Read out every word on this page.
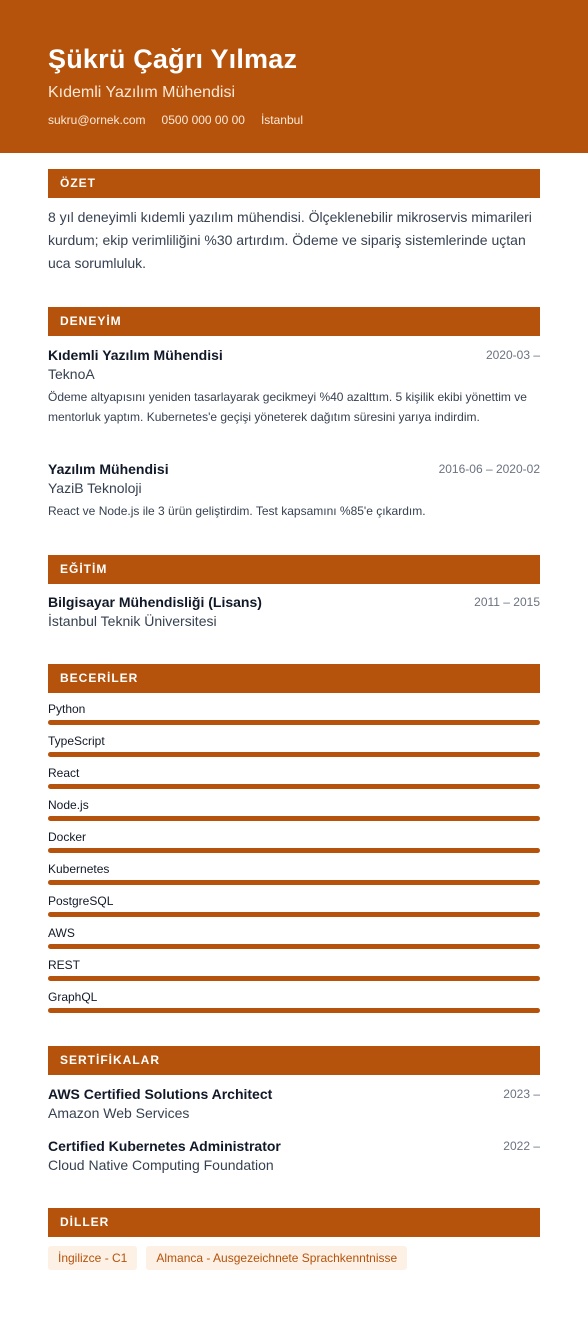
Şükrü Çağrı Yılmaz
Kıdemli Yazılım Mühendisi
sukru@ornek.com 0500 000 00 00 İstanbul
ÖZET
8 yıl deneyimli kıdemli yazılım mühendisi. Ölçeklenebilir mikroservis mimarileri kurdum; ekip verimliliğini %30 artırdım. Ödeme ve sipariş sistemlerinde uçtan uca sorumluluk.
DENEYİM
Kıdemli Yazılım Mühendisi	2020-03 –
TeknoA
Ödeme altyapısını yeniden tasarlayarak gecikmeyi %40 azalttım. 5 kişilik ekibi yönettim ve mentorluk yaptım. Kubernetes'e geçişi yöneterek dağıtım süresini yarıya indirdim.
Yazılım Mühendisi	2016-06 – 2020-02
YaziB Teknoloji
React ve Node.js ile 3 ürün geliştirdim. Test kapsamını %85'e çıkardım.
EĞİTİM
Bilgisayar Mühendisliği (Lisans)	2011 – 2015
İstanbul Teknik Üniversitesi
BECERİLER
Python
TypeScript
React
Node.js
Docker
Kubernetes
PostgreSQL
AWS
REST
GraphQL
SERTİFİKALAR
AWS Certified Solutions Architect	2023 –
Amazon Web Services
Certified Kubernetes Administrator	2022 –
Cloud Native Computing Foundation
DİLLER
İngilizce - C1	Almanca - Ausgezeichnete Sprachkenntnisse
